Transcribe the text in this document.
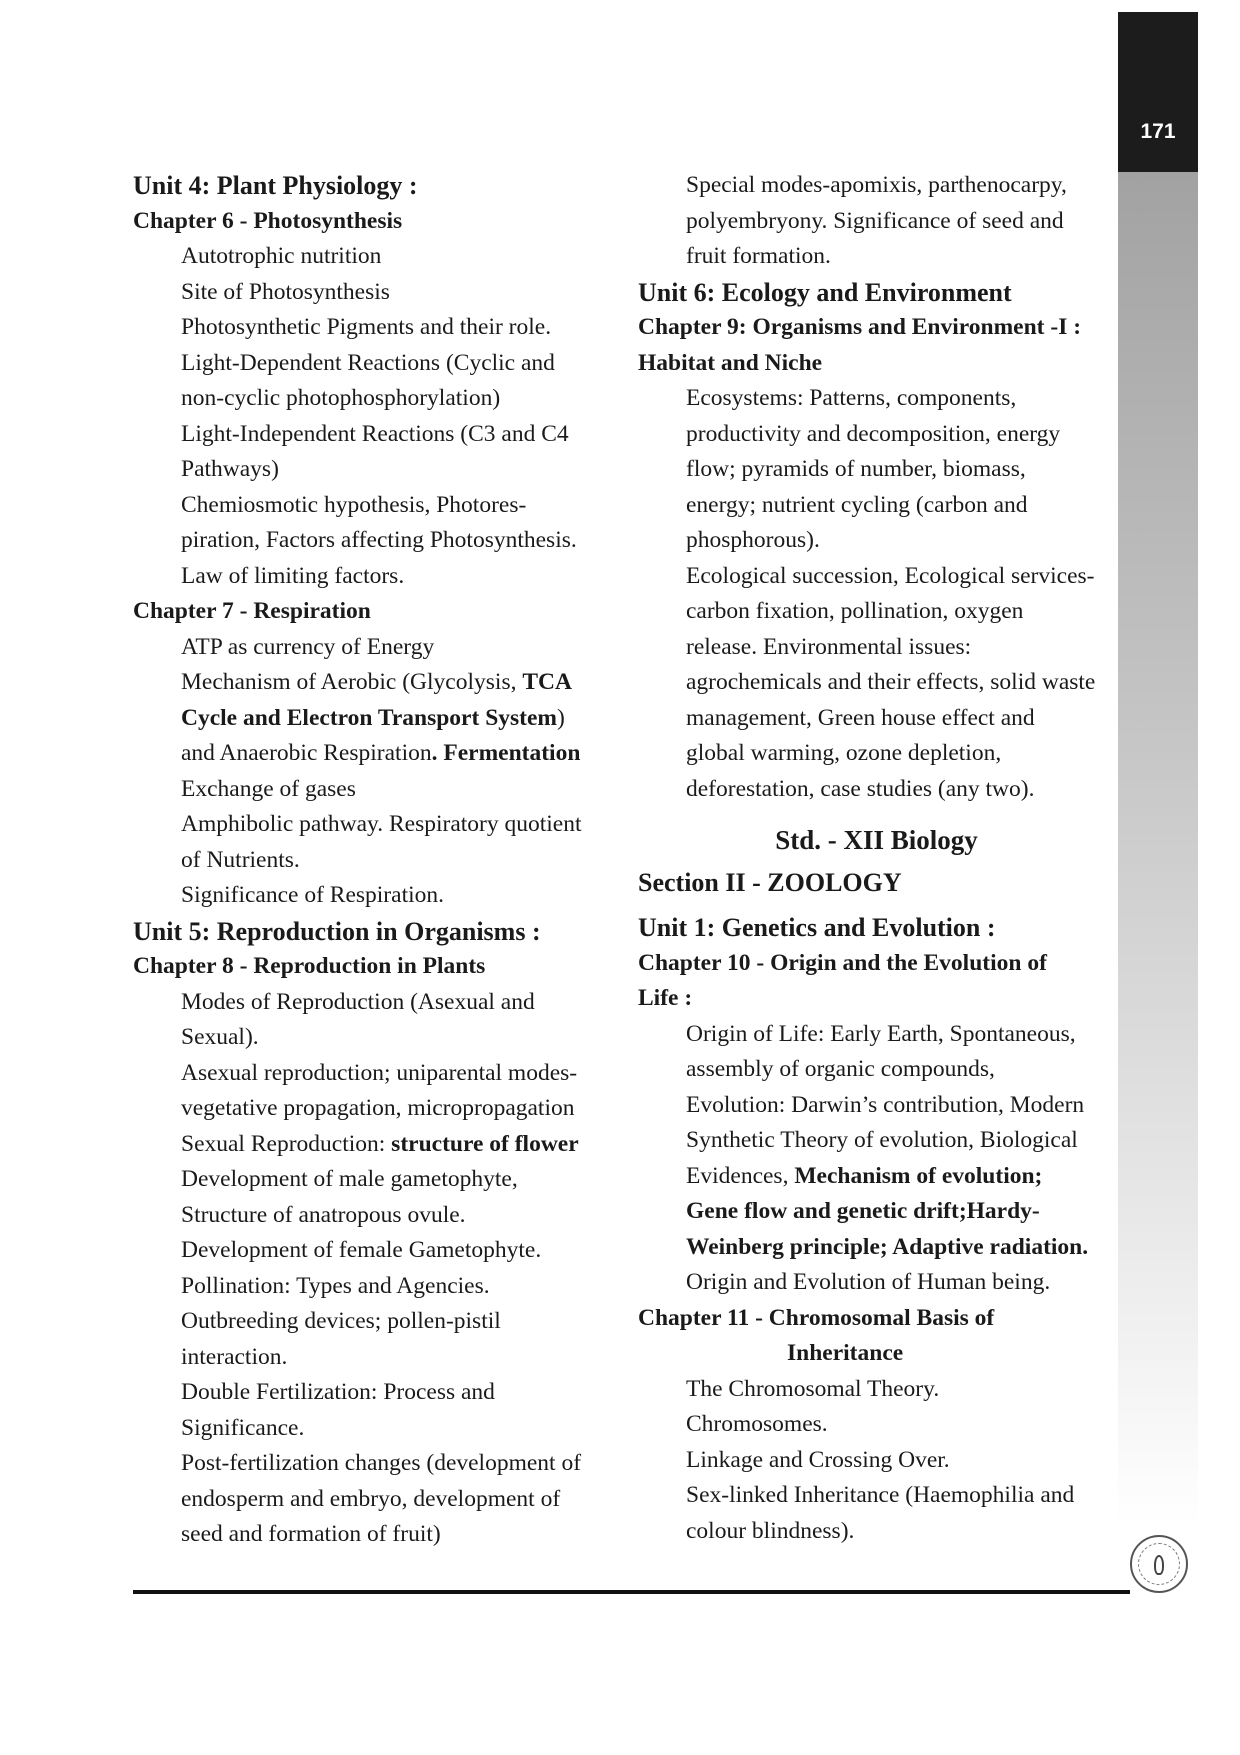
171
Unit 4: Plant Physiology :
Chapter 6 - Photosynthesis
Autotrophic nutrition
Site of Photosynthesis
Photosynthetic Pigments and their role.
Light-Dependent Reactions (Cyclic and
non-cyclic photophosphorylation)
Light-Independent Reactions (C3 and C4
Pathways)
Chemiosmotic hypothesis, Photores-
piration, Factors affecting Photosynthesis.
Law of limiting factors.
Chapter 7 - Respiration
ATP as currency of Energy
Mechanism of Aerobic (Glycolysis, TCA
Cycle and Electron Transport System)
and Anaerobic Respiration. Fermentation
Exchange of gases
Amphibolic pathway. Respiratory quotient
of Nutrients.
Significance of Respiration.
Unit 5: Reproduction in Organisms :
Chapter 8 - Reproduction in Plants
Modes of Reproduction (Asexual and
Sexual).
Asexual reproduction; uniparental modes-
vegetative propagation, micropropagation
Sexual Reproduction: structure of flower
Development of male gametophyte,
Structure of anatropous ovule.
Development of female Gametophyte.
Pollination: Types and Agencies.
Outbreeding devices; pollen-pistil
interaction.
Double Fertilization: Process and
Significance.
Post-fertilization changes (development of
endosperm and embryo, development of
seed and formation of fruit)
Special modes-apomixis, parthenocarpy,
polyembryony. Significance of seed and
fruit formation.
Unit 6: Ecology and Environment
Chapter 9: Organisms and Environment -I :
Habitat and Niche
Ecosystems: Patterns, components,
productivity and decomposition, energy
flow; pyramids of number, biomass,
energy; nutrient cycling (carbon and
phosphorous).
Ecological succession, Ecological services-
carbon fixation, pollination, oxygen
release. Environmental issues:
agrochemicals and their effects, solid waste
management, Green house effect and
global warming, ozone depletion,
deforestation, case studies (any two).
Std. - XII Biology
Section II - ZOOLOGY
Unit 1: Genetics and Evolution :
Chapter 10 - Origin and the Evolution of
Life :
Origin of Life: Early Earth, Spontaneous,
assembly of organic compounds,
Evolution: Darwin’s contribution, Modern
Synthetic Theory of evolution, Biological
Evidences, Mechanism of evolution;
Gene flow and genetic drift;Hardy-
Weinberg principle; Adaptive radiation.
Origin and Evolution of Human being.
Chapter 11 - Chromosomal Basis of
Inheritance
The Chromosomal Theory.
Chromosomes.
Linkage and Crossing Over.
Sex-linked Inheritance (Haemophilia and
colour blindness).
